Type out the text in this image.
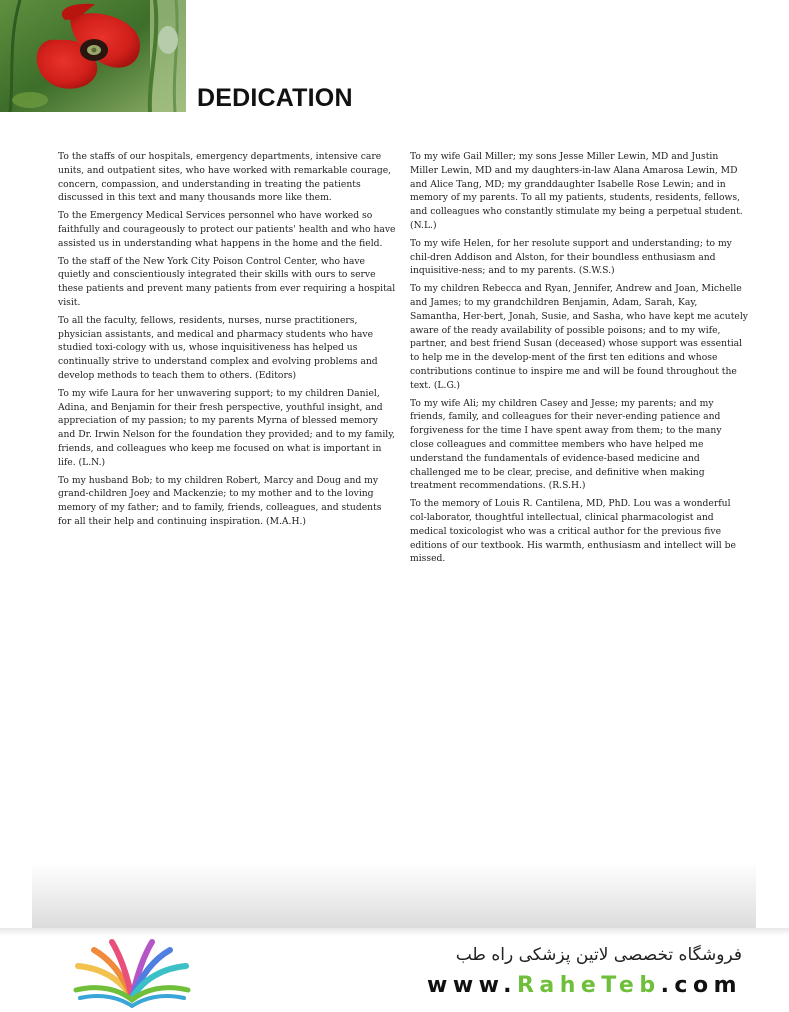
DEDICATION

To the staffs of our hospitals, emergency departments, intensive care units, and outpatient sites, who have worked with remarkable courage, concern, compassion, and understanding in treating the patients discussed in this text and many thousands more like them.

To the Emergency Medical Services personnel who have worked so faithfully and courageously to protect our patients' health and who have assisted us in understanding what happens in the home and the field.

To the staff of the New York City Poison Control Center, who have quietly and conscientiously integrated their skills with ours to serve these patients and prevent many patients from ever requiring a hospital visit.

To all the faculty, fellows, residents, nurses, nurse practitioners, physician assistants, and medical and pharmacy students who have studied toxi-cology with us, whose inquisitiveness has helped us continually strive to understand complex and evolving problems and develop methods to teach them to others. (Editors)

To my wife Laura for her unwavering support; to my children Daniel, Adina, and Benjamin for their fresh perspective, youthful insight, and appreciation of my passion; to my parents Myrna of blessed memory and Dr. Irwin Nelson for the foundation they provided; and to my family, friends, and colleagues who keep me focused on what is important in life. (L.N.)

To my husband Bob; to my children Robert, Marcy and Doug and my grand-children Joey and Mackenzie; to my mother and to the loving memory of my father; and to family, friends, colleagues, and students for all their help and continuing inspiration. (M.A.H.)

To my wife Gail Miller; my sons Jesse Miller Lewin, MD and Justin Miller Lewin, MD and my daughters-in-law Alana Amarosa Lewin, MD and Alice Tang, MD; my granddaughter Isabelle Rose Lewin; and in memory of my parents. To all my patients, students, residents, fellows, and colleagues who constantly stimulate my being a perpetual student. (N.L.)

To my wife Helen, for her resolute support and understanding; to my chil-dren Addison and Alston, for their boundless enthusiasm and inquisitive-ness; and to my parents. (S.W.S.)

To my children Rebecca and Ryan, Jennifer, Andrew and Joan, Michelle and James; to my grandchildren Benjamin, Adam, Sarah, Kay, Samantha, Her-bert, Jonah, Susie, and Sasha, who have kept me acutely aware of the ready availability of possible poisons; and to my wife, partner, and best friend Susan (deceased) whose support was essential to help me in the develop-ment of the first ten editions and whose contributions continue to inspire me and will be found throughout the text. (L.G.)

To my wife Ali; my children Casey and Jesse; my parents; and my friends, family, and colleagues for their never-ending patience and forgiveness for the time I have spent away from them; to the many close colleagues and committee members who have helped me understand the fundamentals of evidence-based medicine and challenged me to be clear, precise, and definitive when making treatment recommendations. (R.S.H.)

To the memory of Louis R. Cantilena, MD, PhD. Lou was a wonderful col-laborator, thoughtful intellectual, clinical pharmacologist and medical toxicologist who was a critical author for the previous five editions of our textbook. His warmth, enthusiasm and intellect will be missed.

فروشگاه تخصصی لاتین پزشکی راه طب
www.RaheTeb.com
